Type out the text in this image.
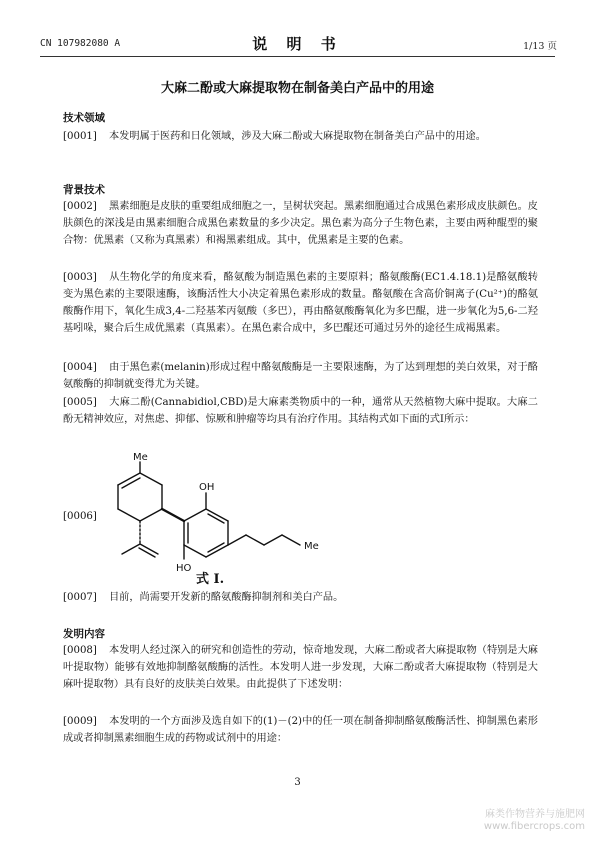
CN 107982080 A	说 明 书	1/13 页
大麻二酚或大麻提取物在制备美白产品中的用途
技术领域
[0001] 本发明属于医药和日化领域，涉及大麻二酚或大麻提取物在制备美白产品中的用途。
背景技术
[0002] 黑素细胞是皮肤的重要组成细胞之一，呈树状突起。黑素细胞通过合成黑色素形成皮肤颜色。皮肤颜色的深浅是由黑素细胞合成黑色素数量的多少决定。黑色素为高分子生物色素，主要由两种醌型的聚合物：优黑素（又称为真黑素）和褐黑素组成。其中，优黑素是主要的色素。
[0003] 从生物化学的角度来看，酪氨酸为制造黑色素的主要原料；酪氨酸酶(EC1.4.18.1)是酪氨酸转变为黑色素的主要限速酶，该酶活性大小决定着黑色素形成的数量。酪氨酸在含高价铜离子(Cu²⁺)的酪氨酸酶作用下，氧化生成3,4-二羟基苯丙氨酸（多巴），再由酪氨酸酶氧化为多巴醌，进一步氧化为5,6-二羟基吲哚，聚合后生成优黑素（真黑素）。在黑色素合成中，多巴醌还可通过另外的途径生成褐黑素。
[0004] 由于黑色素(melanin)形成过程中酪氨酸酶是一主要限速酶，为了达到理想的美白效果，对于酪氨酸酶的抑制就变得尤为关键。
[0005] 大麻二酚(Cannabidiol,CBD)是大麻素类物质中的一种，通常从天然植物大麻中提取。大麻二酚无精神效应，对焦虑、抑郁、惊厥和肿瘤等均具有治疗作用。其结构式如下面的式I所示：
[0006]
Me
OH
HO
Me
式 I.
[0007] 目前，尚需要开发新的酪氨酸酶抑制剂和美白产品。
发明内容
[0008] 本发明人经过深入的研究和创造性的劳动，惊奇地发现，大麻二酚或者大麻提取物（特别是大麻叶提取物）能够有效地抑制酪氨酸酶的活性。本发明人进一步发现，大麻二酚或者大麻提取物（特别是大麻叶提取物）具有良好的皮肤美白效果。由此提供了下述发明：
[0009] 本发明的一个方面涉及选自如下的(1)－(2)中的任一项在制备抑制酪氨酸酶活性、抑制黑色素形成或者抑制黑素细胞生成的药物或试剂中的用途：
3
麻类作物营养与施肥网
www.fibercrops.com
